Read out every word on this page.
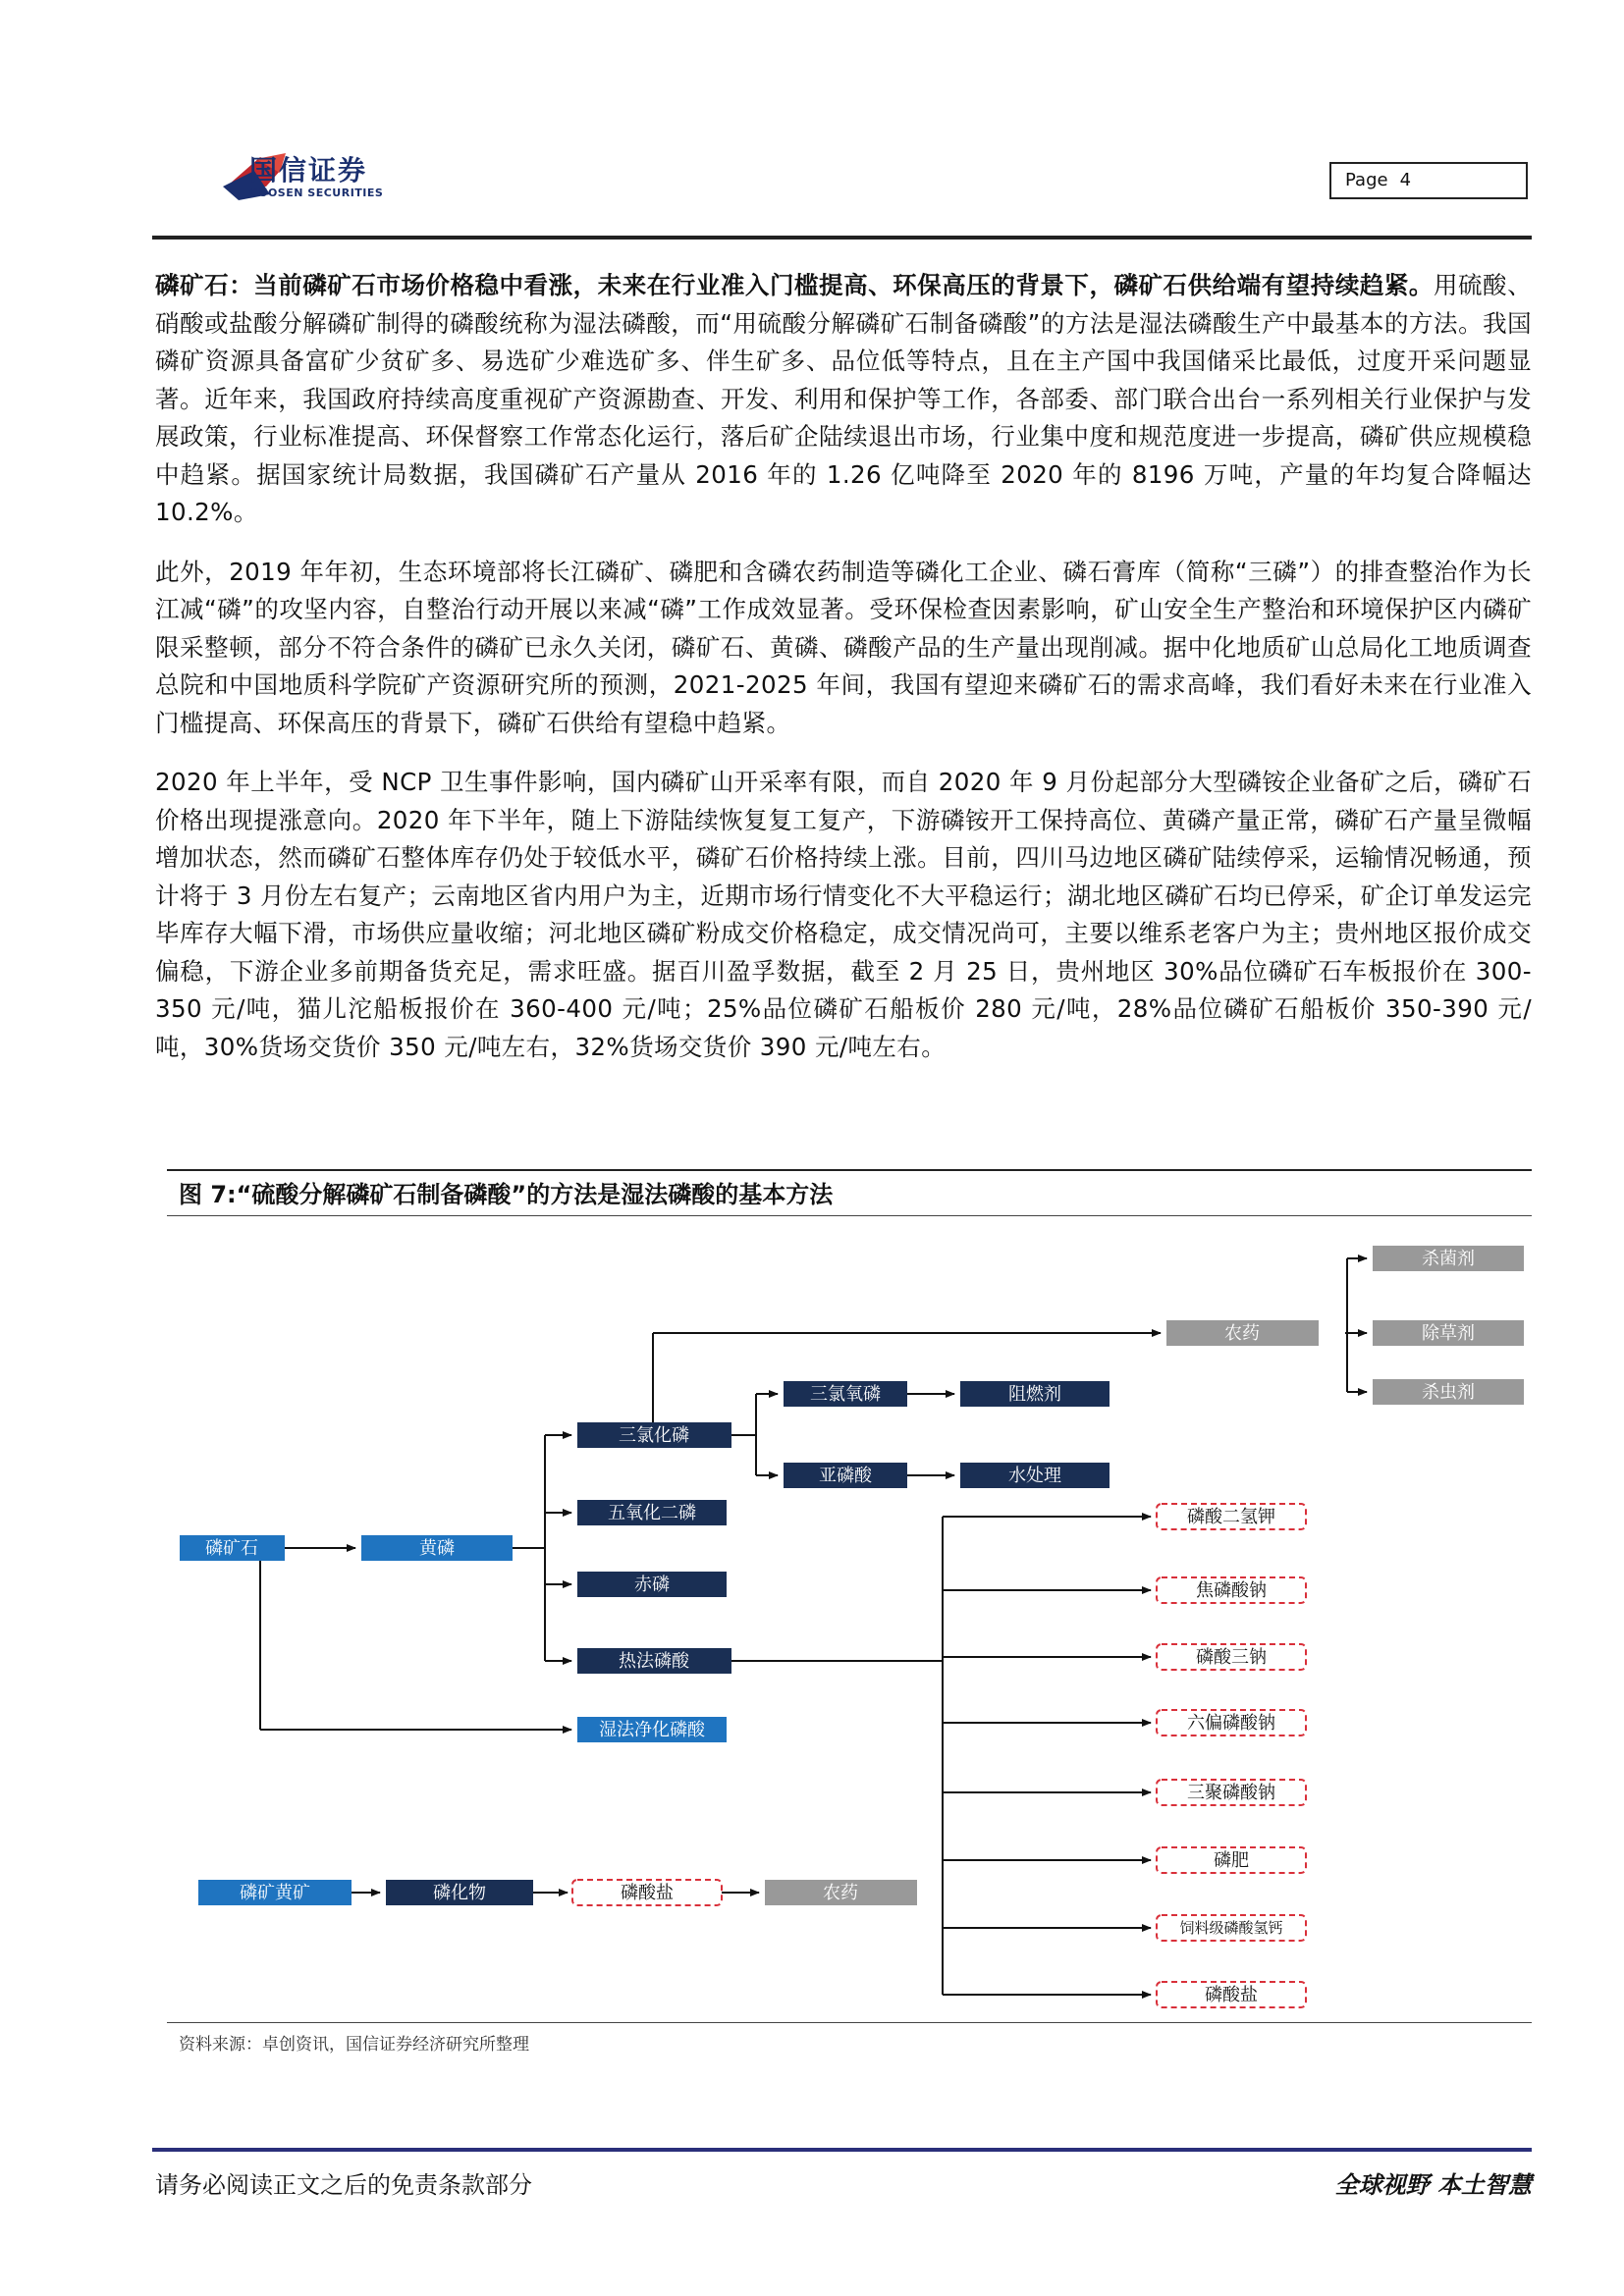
国信证券
GUOSEN SECURITIES
Page 4

磷矿石：当前磷矿石市场价格稳中看涨，未来在行业准入门槛提高、环保高压的背景下，磷矿石供给端有望持续趋紧。用硫酸、硝酸或盐酸分解磷矿制得的磷酸统称为湿法磷酸，而“用硫酸分解磷矿石制备磷酸”的方法是湿法磷酸生产中最基本的方法。我国磷矿资源具备富矿少贫矿多、易选矿少难选矿多、伴生矿多、品位低等特点，且在主产国中我国储采比最低，过度开采问题显著。近年来，我国政府持续高度重视矿产资源勘查、开发、利用和保护等工作，各部委、部门联合出台一系列相关行业保护与发展政策，行业标准提高、环保督察工作常态化运行，落后矿企陆续退出市场，行业集中度和规范度进一步提高，磷矿供应规模稳中趋紧。据国家统计局数据，我国磷矿石产量从 2016 年的 1.26 亿吨降至 2020 年的 8196 万吨，产量的年均复合降幅达 10.2%。

此外，2019 年年初，生态环境部将长江磷矿、磷肥和含磷农药制造等磷化工企业、磷石膏库（简称“三磷”）的排查整治作为长江减“磷”的攻坚内容，自整治行动开展以来减“磷”工作成效显著。受环保检查因素影响，矿山安全生产整治和环境保护区内磷矿限采整顿，部分不符合条件的磷矿已永久关闭，磷矿石、黄磷、磷酸产品的生产量出现削减。据中化地质矿山总局化工地质调查总院和中国地质科学院矿产资源研究所的预测，2021-2025 年间，我国有望迎来磷矿石的需求高峰，我们看好未来在行业准入门槛提高、环保高压的背景下，磷矿石供给有望稳中趋紧。

2020 年上半年，受 NCP 卫生事件影响，国内磷矿山开采率有限，而自 2020 年 9 月份起部分大型磷铵企业备矿之后，磷矿石价格出现提涨意向。2020 年下半年，随上下游陆续恢复复工复产，下游磷铵开工保持高位、黄磷产量正常，磷矿石产量呈微幅增加状态，然而磷矿石整体库存仍处于较低水平，磷矿石价格持续上涨。目前，四川马边地区磷矿陆续停采，运输情况畅通，预计将于 3 月份左右复产；云南地区省内用户为主，近期市场行情变化不大平稳运行；湖北地区磷矿石均已停采，矿企订单发运完毕库存大幅下滑，市场供应量收缩；河北地区磷矿粉成交价格稳定，成交情况尚可，主要以维系老客户为主；贵州地区报价成交偏稳，下游企业多前期备货充足，需求旺盛。据百川盈孚数据，截至 2 月 25 日，贵州地区 30%品位磷矿石车板报价在 300-350 元/吨，猫儿沱船板报价在 360-400 元/吨；25%品位磷矿石船板价 280 元/吨，28%品位磷矿石船板价 350-390 元/吨，30%货场交货价 350 元/吨左右，32%货场交货价 390 元/吨左右。

图 7:“硫酸分解磷矿石制备磷酸”的方法是湿法磷酸的基本方法
磷矿石	黄磷
湿法净化磷酸
磷矿黄矿
三氯化磷
五氧化二磷
赤磷
热法磷酸
三氯氧磷	阻燃剂
亚磷酸	水处理
磷化物
农药
杀菌剂
除草剂
杀虫剂
农药
磷酸二氢钾
焦磷酸钠
磷酸三钠
六偏磷酸钠
三聚磷酸钠
磷肥
饲料级磷酸氢钙
磷酸盐
磷酸盐
资料来源：卓创资讯，国信证券经济研究所整理
请务必阅读正文之后的免责条款部分	全球视野 本土智慧
